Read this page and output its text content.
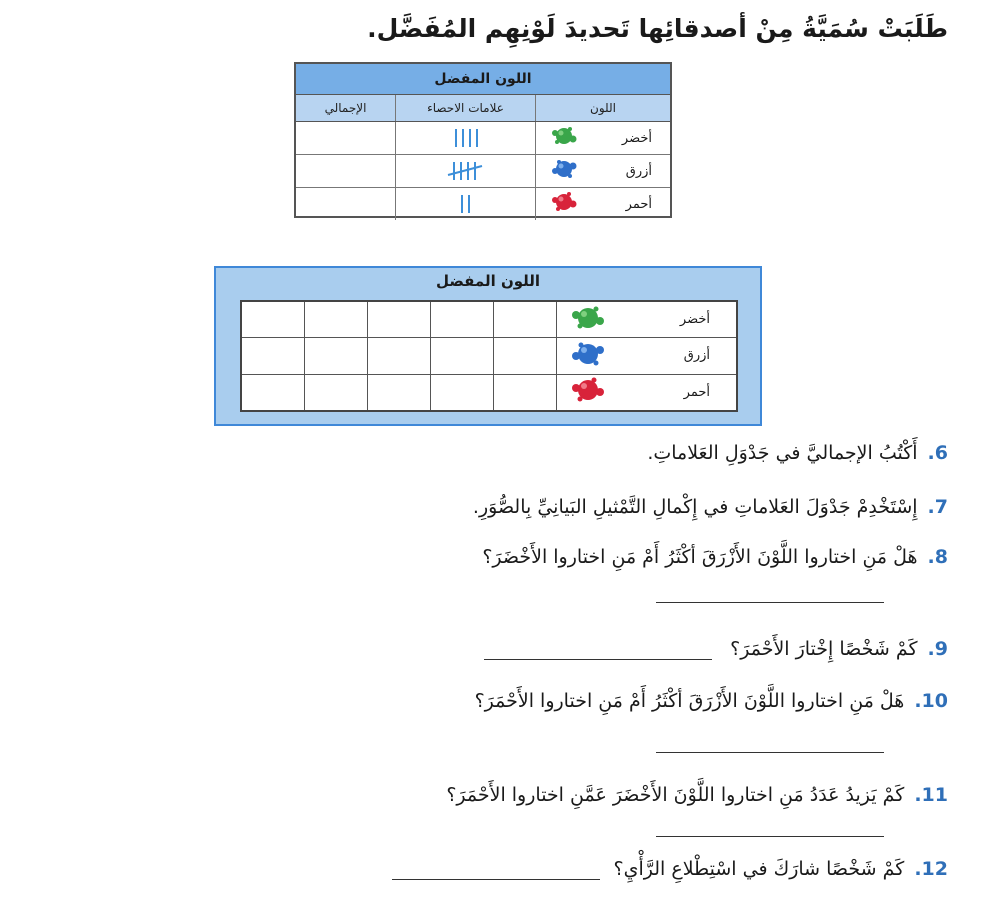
طَلَبَتْ سُمَيَّةُ مِنْ أصدقائِها تَحديدَ لَوْنِهِم المُفَضَّل.
اللون المفضل
اللون
علامات الاحصاء
الإجمالي
أخضر
أزرق
أحمر
اللون المفضل
أخضر
أزرق
أحمر
6.أَكْتُبُ الإجماليَّ في جَدْوَلِ العَلاماتِ.
7.إِسْتَخْدِمْ جَدْوَلَ العَلاماتِ في إِكْمالِ التَّمْثيلِ البَيانِيِّ بِالصُّوَرِ.
8.هَلْ مَنِ اختاروا اللَّوْنَ الأَزْرَقَ أكْثَرُ أَمْ مَنِ اختاروا الأَخْضَرَ؟
9.كَمْ شَخْصًا إِخْتارَ الأَحْمَرَ؟
10.هَلْ مَنِ اختاروا اللَّوْنَ الأَزْرَقَ أكْثَرُ أَمْ مَنِ اختاروا الأَحْمَرَ؟
11.كَمْ يَزيدُ عَدَدُ مَنِ اختاروا اللَّوْنَ الأَخْضَرَ عَمَّنِ اختاروا الأَحْمَرَ؟
12.كَمْ شَخْصًا شارَكَ في اسْتِطْلاعِ الرَّأْيِ؟
